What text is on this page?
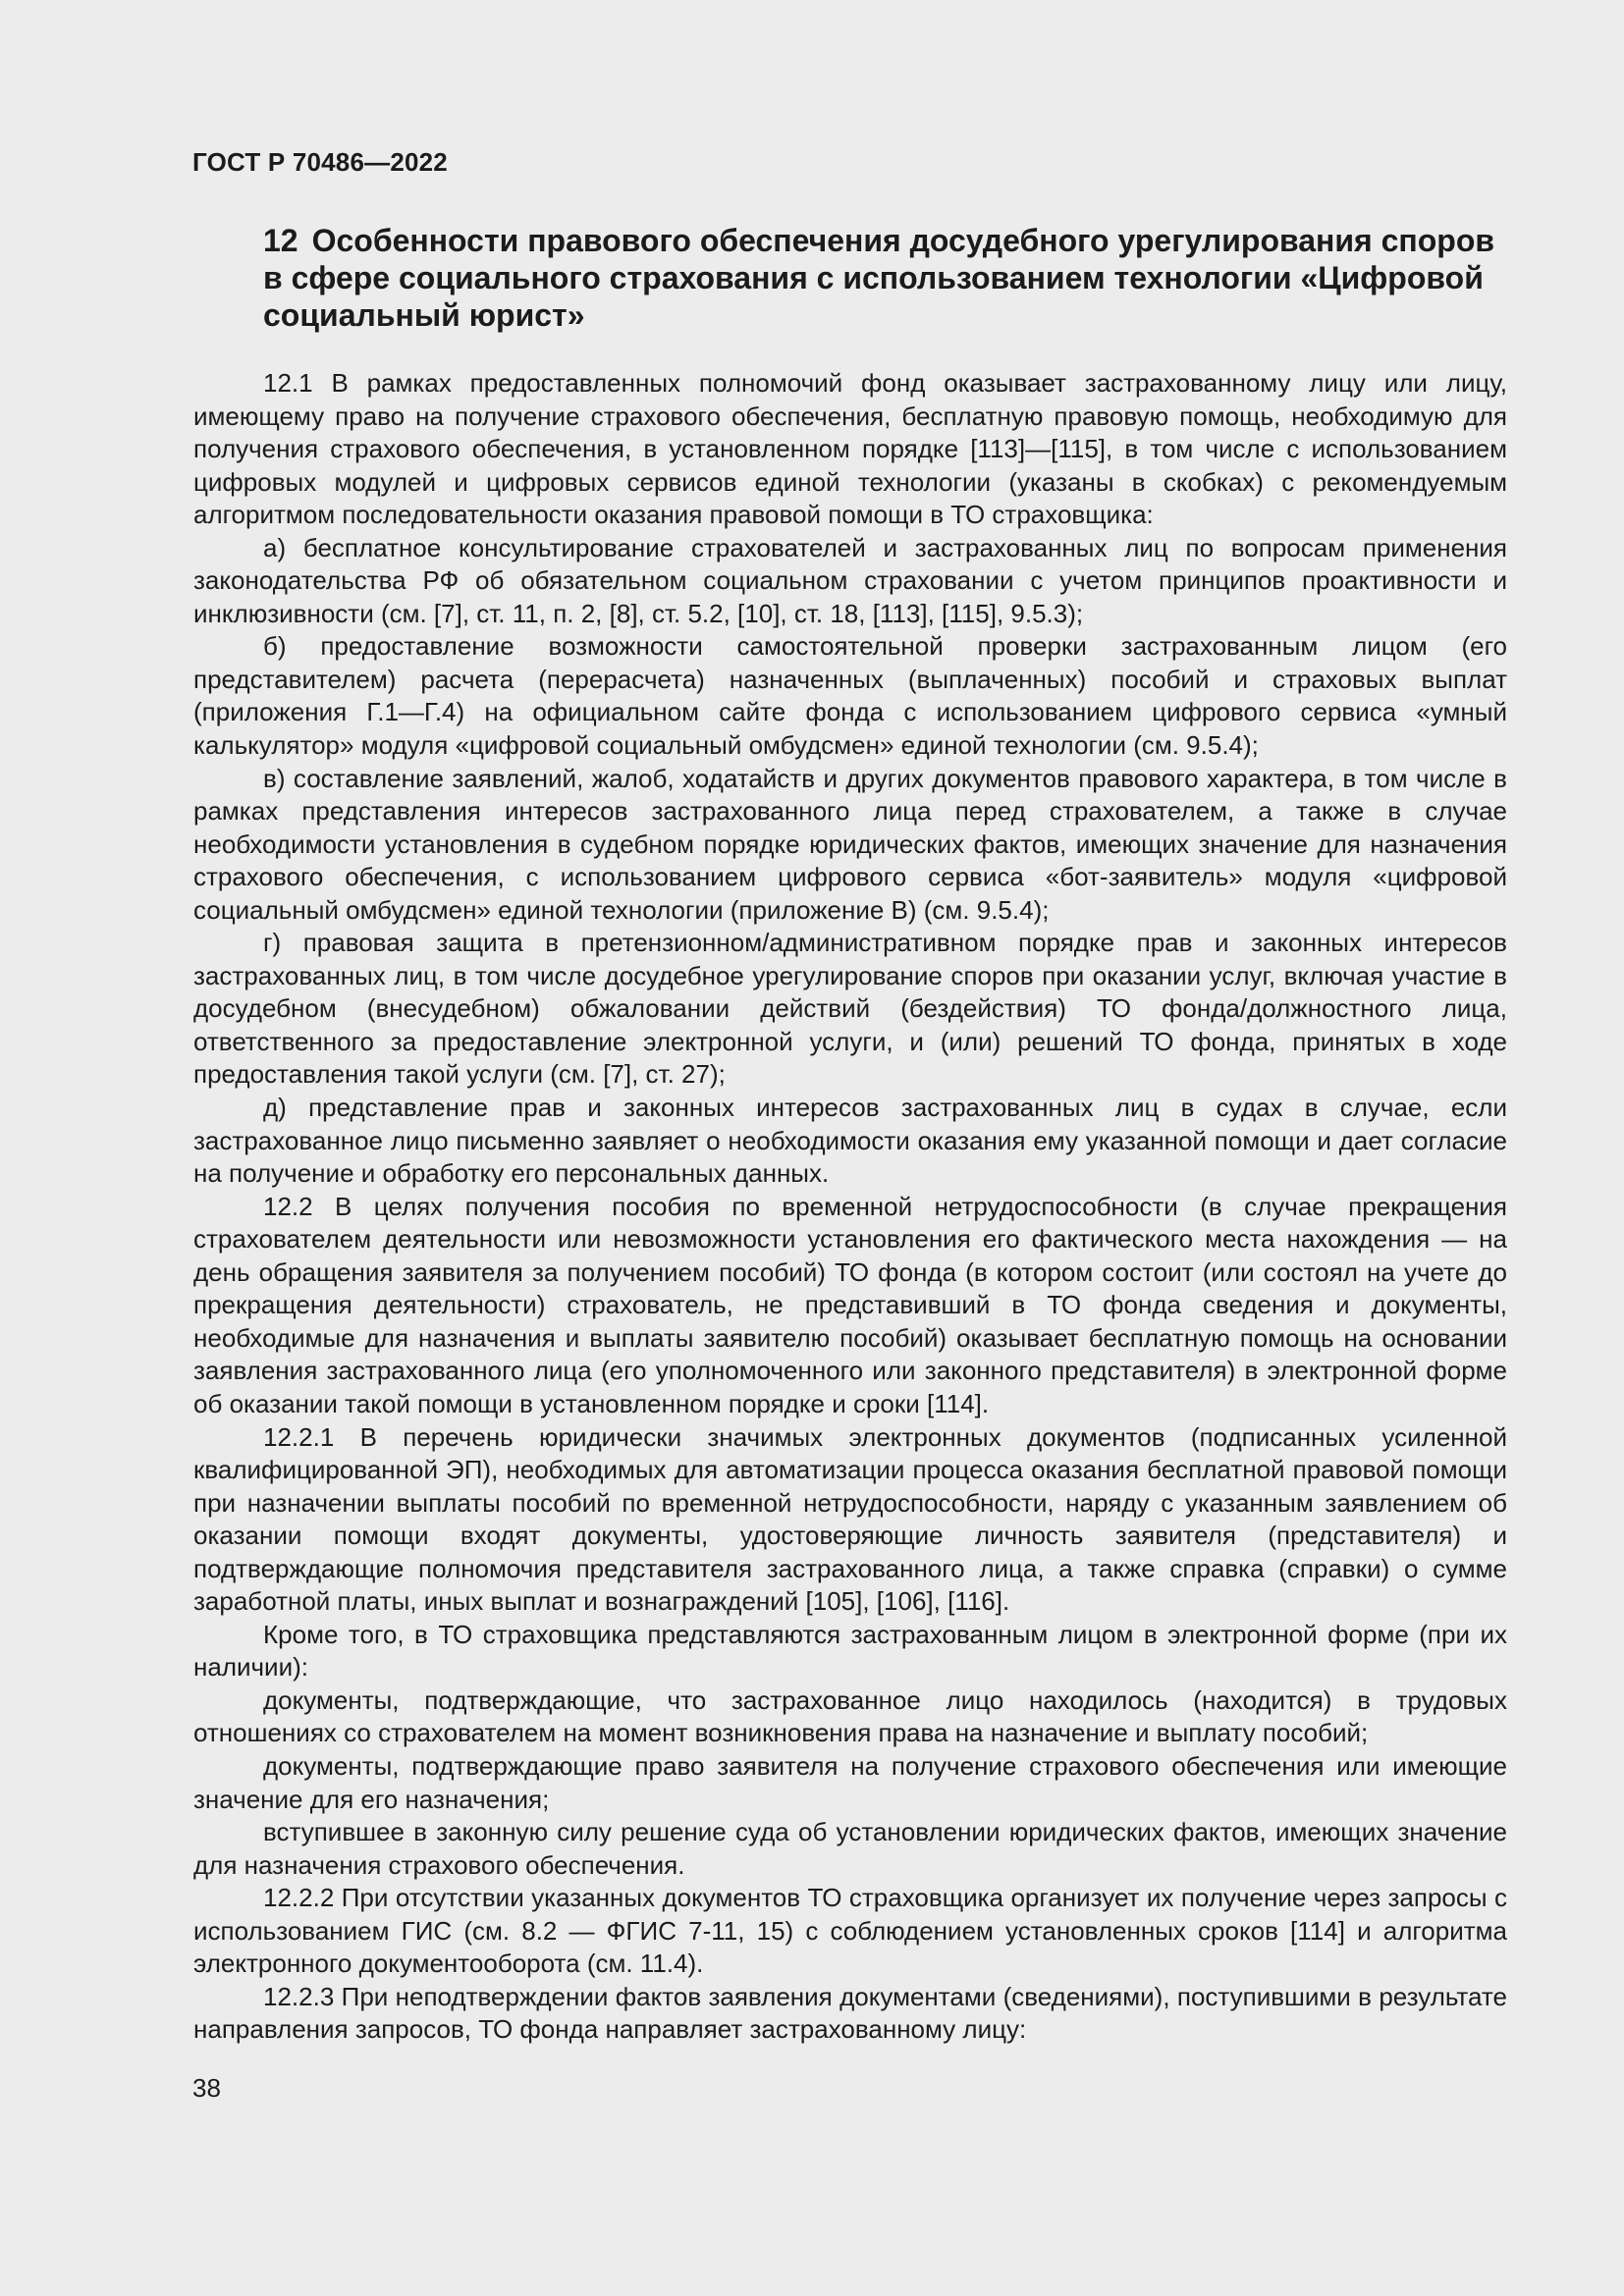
ГОСТ Р 70486—2022
12 Особенности правового обеспечения досудебного урегулирования споров в сфере социального страхования с использованием технологии «Цифровой социальный юрист»

12.1 В рамках предоставленных полномочий фонд оказывает застрахованному лицу или лицу, имеющему право на получение страхового обеспечения, бесплатную правовую помощь, необходимую для получения страхового обеспечения, в установленном порядке [113]—[115], в том числе с использованием цифровых модулей и цифровых сервисов единой технологии (указаны в скобках) с рекомендуемым алгоритмом последовательности оказания правовой помощи в ТО страховщика:

а) бесплатное консультирование страхователей и застрахованных лиц по вопросам применения законодательства РФ об обязательном социальном страховании с учетом принципов проактивности и инклюзивности (см. [7], ст. 11, п. 2, [8], ст. 5.2, [10], ст. 18, [113], [115], 9.5.3);

б) предоставление возможности самостоятельной проверки застрахованным лицом (его представителем) расчета (перерасчета) назначенных (выплаченных) пособий и страховых выплат (приложения Г.1—Г.4) на официальном сайте фонда с использованием цифрового сервиса «умный калькулятор» модуля «цифровой социальный омбудсмен» единой технологии (см. 9.5.4);

в) составление заявлений, жалоб, ходатайств и других документов правового характера, в том числе в рамках представления интересов застрахованного лица перед страхователем, а также в случае необходимости установления в судебном порядке юридических фактов, имеющих значение для назначения страхового обеспечения, с использованием цифрового сервиса «бот-заявитель» модуля «цифровой социальный омбудсмен» единой технологии (приложение В) (см. 9.5.4);

г) правовая защита в претензионном/административном порядке прав и законных интересов застрахованных лиц, в том числе досудебное урегулирование споров при оказании услуг, включая участие в досудебном (внесудебном) обжаловании действий (бездействия) ТО фонда/должностного лица, ответственного за предоставление электронной услуги, и (или) решений ТО фонда, принятых в ходе предоставления такой услуги (см. [7], ст. 27);

д) представление прав и законных интересов застрахованных лиц в судах в случае, если застрахованное лицо письменно заявляет о необходимости оказания ему указанной помощи и дает согласие на получение и обработку его персональных данных.

12.2 В целях получения пособия по временной нетрудоспособности (в случае прекращения страхователем деятельности или невозможности установления его фактического места нахождения — на день обращения заявителя за получением пособий) ТО фонда (в котором состоит (или состоял на учете до прекращения деятельности) страхователь, не представивший в ТО фонда сведения и документы, необходимые для назначения и выплаты заявителю пособий) оказывает бесплатную помощь на основании заявления застрахованного лица (его уполномоченного или законного представителя) в электронной форме об оказании такой помощи в установленном порядке и сроки [114].

12.2.1 В перечень юридически значимых электронных документов (подписанных усиленной квалифицированной ЭП), необходимых для автоматизации процесса оказания бесплатной правовой помощи при назначении выплаты пособий по временной нетрудоспособности, наряду с указанным заявлением об оказании помощи входят документы, удостоверяющие личность заявителя (представителя) и подтверждающие полномочия представителя застрахованного лица, а также справка (справки) о сумме заработной платы, иных выплат и вознаграждений [105], [106], [116].

Кроме того, в ТО страховщика представляются застрахованным лицом в электронной форме (при их наличии):

документы, подтверждающие, что застрахованное лицо находилось (находится) в трудовых отношениях со страхователем на момент возникновения права на назначение и выплату пособий;

документы, подтверждающие право заявителя на получение страхового обеспечения или имеющие значение для его назначения;

вступившее в законную силу решение суда об установлении юридических фактов, имеющих значение для назначения страхового обеспечения.

12.2.2 При отсутствии указанных документов ТО страховщика организует их получение через запросы с использованием ГИС (см. 8.2 — ФГИС 7-11, 15) с соблюдением установленных сроков [114] и алгоритма электронного документооборота (см. 11.4).

12.2.3 При неподтверждении фактов заявления документами (сведениями), поступившими в результате направления запросов, ТО фонда направляет застрахованному лицу:

38
